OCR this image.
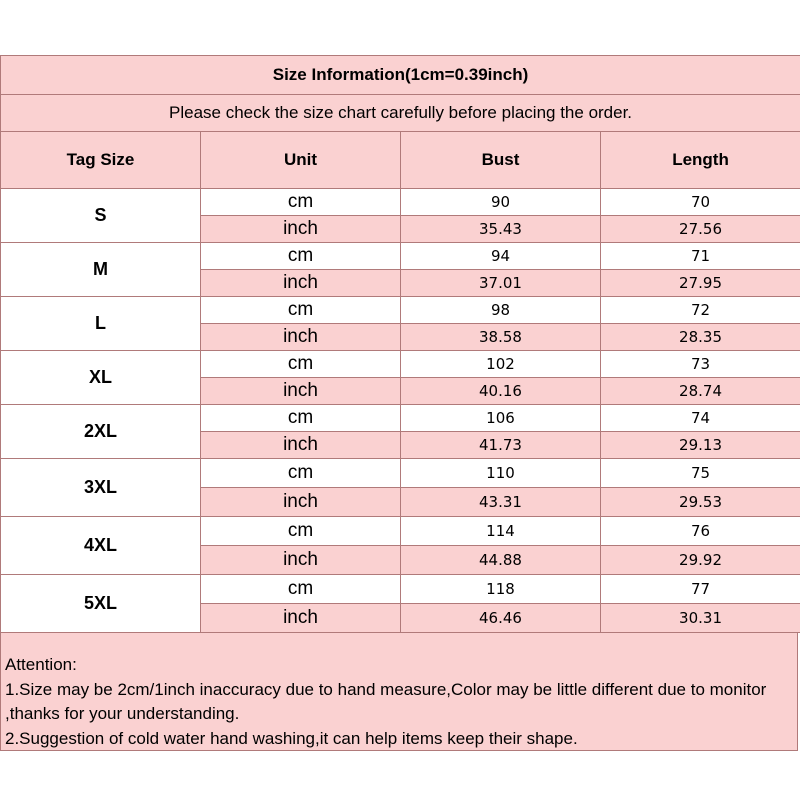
Size Information(1cm=0.39inch)			
Please check the size chart carefully before placing the order.			
Tag Size	Unit	Bust	Length
S	cm	90	70
	inch	35.43	27.56
M	cm	94	71
	inch	37.01	27.95
L	cm	98	72
	inch	38.58	28.35
XL	cm	102	73
	inch	40.16	28.74
2XL	cm	106	74
	inch	41.73	29.13
3XL	cm	110	75
	inch	43.31	29.53
4XL	cm	114	76
	inch	44.88	29.92
5XL	cm	118	77
	inch	46.46	30.31
Attention:
1.Size may be 2cm/1inch inaccuracy due to hand measure,Color may be little different due to monitor ,thanks for your understanding.
2.Suggestion of cold water hand washing,it can help items keep their shape.
